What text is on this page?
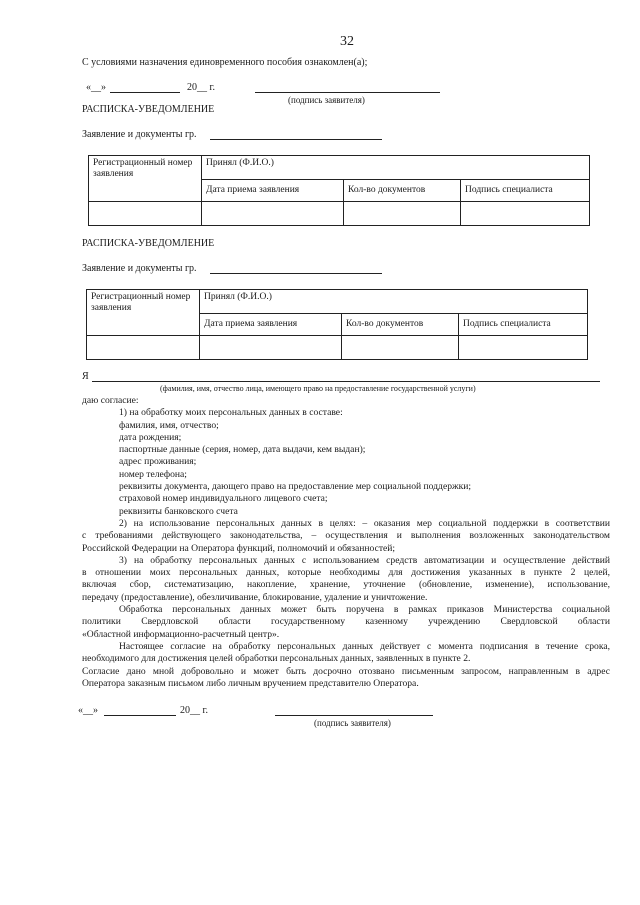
32
С условиями назначения единовременного пособия ознакомлен(а);
«__»	20__ г.
(подпись заявителя)
РАСПИСКА-УВЕДОМЛЕНИЕ
Заявление и документы гр.
Регистрационный номер заявления	Принял (Ф.И.О.)		
	Дата приема заявления	Кол-во документов	Подпись специалиста

РАСПИСКА-УВЕДОМЛЕНИЕ
Заявление и документы гр.
Регистрационный номер заявления	Принял (Ф.И.О.)		
	Дата приема заявления	Кол-во документов	Подпись специалиста

Я
(фамилия, имя, отчество лица, имеющего право на предоставление государственной услуги)

даю согласие:

1) на обработку моих персональных данных в составе:

фамилия, имя, отчество;

дата рождения;

паспортные данные (серия, номер, дата выдачи, кем выдан);

адрес проживания;

номер телефона;

реквизиты документа, дающего право на предоставление мер социальной поддержки;

страховой номер индивидуального лицевого счета;

реквизиты банковского счета

2) на использование персональных данных в целях: – оказания мер социальной поддержки в соответствии

с требованиями действующего законодательства, – осуществления и выполнения возложенных законодательством

Российской Федерации на Оператора функций, полномочий и обязанностей;

3) на обработку персональных данных с использованием средств автоматизации и осуществление действий

в отношении моих персональных данных, которые необходимы для достижения указанных в пункте 2 целей,

включая сбор, систематизацию, накопление, хранение, уточнение (обновление, изменение), использование,

передачу (предоставление), обезличивание, блокирование, удаление и уничтожение.

Обработка персональных данных может быть поручена в рамках приказов Министерства социальной

политики Свердловской области государственному казенному учреждению Свердловской области

«Областной информационно-расчетный центр».

Настоящее согласие на обработку персональных данных действует с момента подписания в течение срока,

необходимого для достижения целей обработки персональных данных, заявленных в пункте 2.

Согласие дано мной добровольно и может быть досрочно отозвано письменным запросом, направленным в адрес

Оператора заказным письмом либо личным вручением представителю Оператора.

«__»	20__ г.
(подпись заявителя)
